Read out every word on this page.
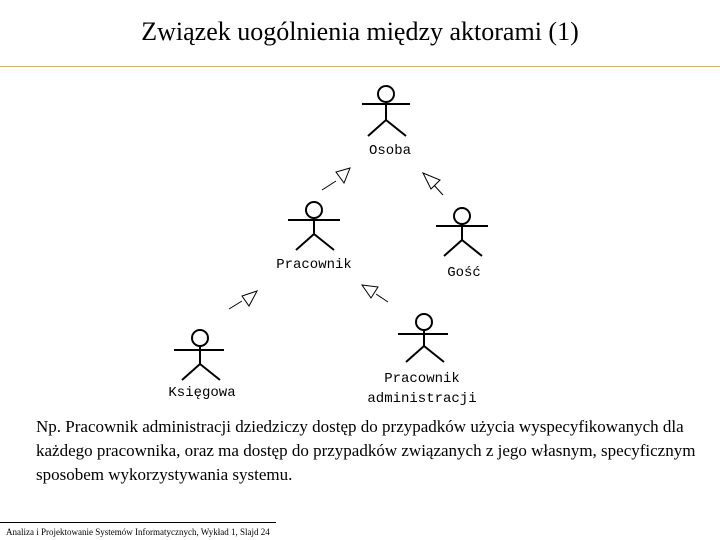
Związek uogólnienia między aktorami (1)
Osoba
Pracownik	Gość
Księgowa
Pracownik
administracji

Np. Pracownik administracji dziedziczy dostęp do przypadków użycia wyspecyfikowanych dla każdego pracownika, oraz ma dostęp do przypadków związanych z jego własnym, specyficznym sposobem wykorzystywania systemu.

Analiza i Projektowanie Systemów Informatycznych, Wykład 1, Slajd 24
